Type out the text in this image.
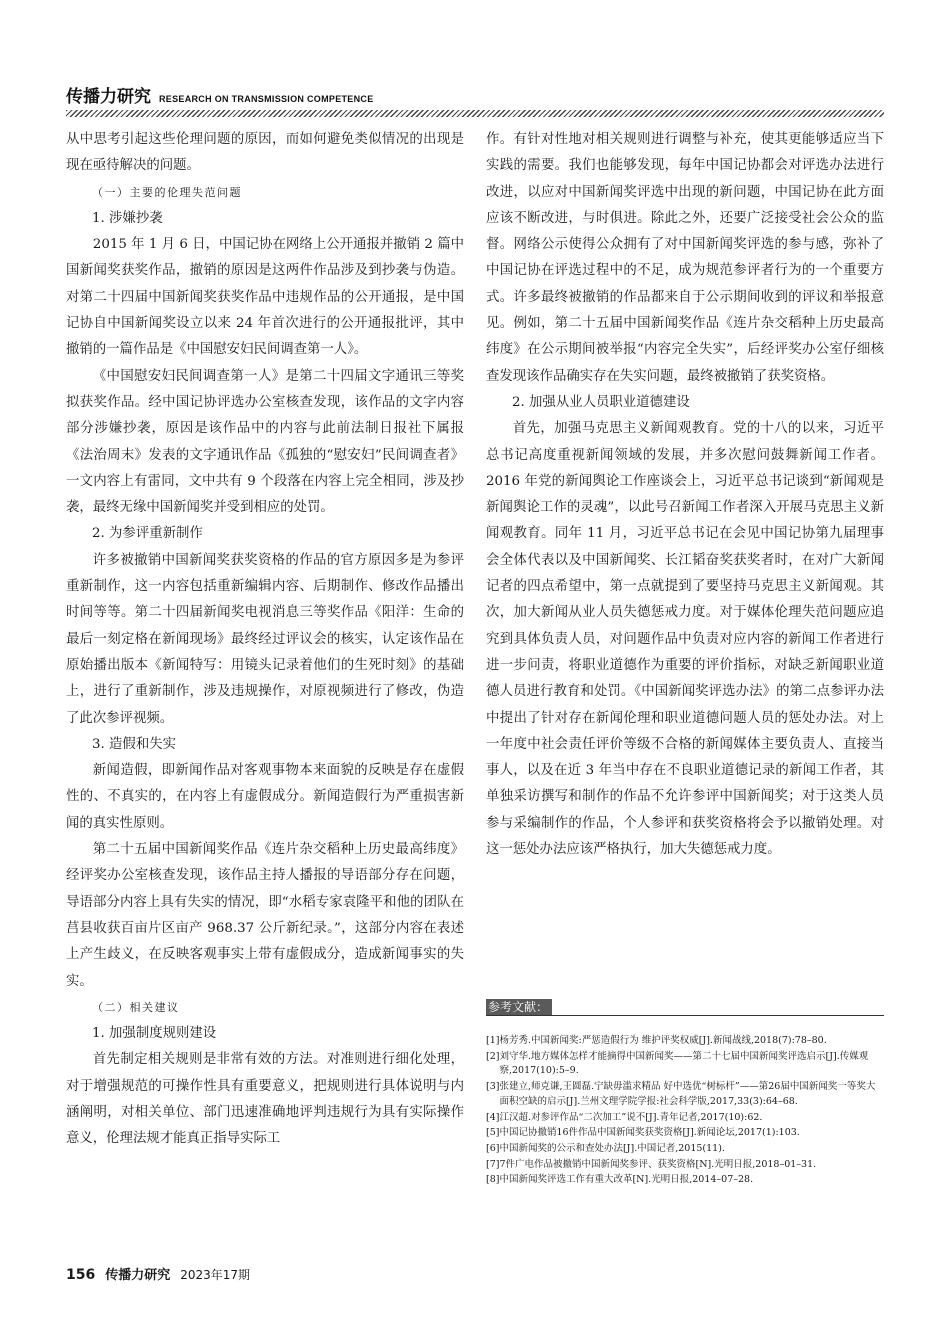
传播力研究 RESEARCH ON TRANSMISSION COMPETENCE

从中思考引起这些伦理问题的原因，而如何避免类似情况的出现是现在亟待解决的问题。

（一）主要的伦理失范问题

1. 涉嫌抄袭

2015 年 1 月 6 日，中国记协在网络上公开通报并撤销 2 篇中国新闻奖获奖作品，撤销的原因是这两件作品涉及到抄袭与伪造。对第二十四届中国新闻奖获奖作品中违规作品的公开通报，是中国记协自中国新闻奖设立以来 24 年首次进行的公开通报批评，其中撤销的一篇作品是《中国慰安妇民间调查第一人》。

《中国慰安妇民间调查第一人》是第二十四届文字通讯三等奖拟获奖作品。经中国记协评选办公室核查发现，该作品的文字内容部分涉嫌抄袭，原因是该作品中的内容与此前法制日报社下属报《法治周末》发表的文字通讯作品《孤独的“慰安妇”民间调查者》一文内容上有雷同，文中共有 9 个段落在内容上完全相同，涉及抄袭，最终无缘中国新闻奖并受到相应的处罚。

2. 为参评重新制作

许多被撤销中国新闻奖获奖资格的作品的官方原因多是为参评重新制作，这一内容包括重新编辑内容、后期制作、修改作品播出时间等等。第二十四届新闻奖电视消息三等奖作品《阳洋：生命的最后一刻定格在新闻现场》最终经过评议会的核实，认定该作品在原始播出版本《新闻特写：用镜头记录着他们的生死时刻》的基础上，进行了重新制作，涉及违规操作，对原视频进行了修改，伪造了此次参评视频。

3. 造假和失实

新闻造假，即新闻作品对客观事物本来面貌的反映是存在虚假性的、不真实的，在内容上有虚假成分。新闻造假行为严重损害新闻的真实性原则。

第二十五届中国新闻奖作品《连片杂交稻种上历史最高纬度》经评奖办公室核查发现，该作品主持人播报的导语部分存在问题，导语部分内容上具有失实的情况，即“水稻专家袁隆平和他的团队在莒县收获百亩片区亩产 968.37 公斤新纪录。”，这部分内容在表述上产生歧义，在反映客观事实上带有虚假成分，造成新闻事实的失实。

（二）相关建议

1. 加强制度规则建设

首先制定相关规则是非常有效的方法。对准则进行细化处理，对于增强规范的可操作性具有重要意义，把规则进行具体说明与内涵阐明，对相关单位、部门迅速准确地评判违规行为具有实际操作意义，伦理法规才能真正指导实际工

作。有针对性地对相关规则进行调整与补充，使其更能够适应当下实践的需要。我们也能够发现，每年中国记协都会对评选办法进行改进，以应对中国新闻奖评选中出现的新问题，中国记协在此方面应该不断改进，与时俱进。除此之外，还要广泛接受社会公众的监督。网络公示使得公众拥有了对中国新闻奖评选的参与感，弥补了中国记协在评选过程中的不足，成为规范参评者行为的一个重要方式。许多最终被撤销的作品都来自于公示期间收到的评议和举报意见。例如，第二十五届中国新闻奖作品《连片杂交稻种上历史最高纬度》在公示期间被举报“内容完全失实”，后经评奖办公室仔细核查发现该作品确实存在失实问题，最终被撤销了获奖资格。

2. 加强从业人员职业道德建设

首先，加强马克思主义新闻观教育。党的十八的以来，习近平总书记高度重视新闻领域的发展，并多次慰问鼓舞新闻工作者。2016 年党的新闻舆论工作座谈会上，习近平总书记谈到“新闻观是新闻舆论工作的灵魂”，以此号召新闻工作者深入开展马克思主义新闻观教育。同年 11 月，习近平总书记在会见中国记协第九届理事会全体代表以及中国新闻奖、长江韬奋奖获奖者时，在对广大新闻记者的四点希望中，第一点就提到了要坚持马克思主义新闻观。其次，加大新闻从业人员失德惩戒力度。对于媒体伦理失范问题应追究到具体负责人员，对问题作品中负责对应内容的新闻工作者进行进一步问责，将职业道德作为重要的评价指标，对缺乏新闻职业道德人员进行教育和处罚。《中国新闻奖评选办法》的第二点参评办法中提出了针对存在新闻伦理和职业道德问题人员的惩处办法。对上一年度中社会责任评价等级不合格的新闻媒体主要负责人、直接当事人，以及在近 3 年当中存在不良职业道德记录的新闻工作者，其单独采访撰写和制作的作品不允许参评中国新闻奖；对于这类人员参与采编制作的作品，个人参评和获奖资格将会予以撤销处理。对这一惩处办法应该严格执行，加大失德惩戒力度。

参考文献：
[1] 杨芳秀.中国新闻奖:严惩造假行为 维护评奖权威[J].新闻战线,2018(7):78–80.
[2] 刘守华.地方媒体怎样才能摘得中国新闻奖——第二十七届中国新闻奖评选启示[J].传媒观察,2017(10):5–9.
[3] 张建立,师克谦,王圆磊.宁缺毋滥求精品 好中选优“树标杆”——第26届中国新闻奖一等奖大面积空缺的启示[J].兰州文理学院学报:社会科学版,2017,33(3):64–68.
[4] 江汉超.对参评作品“二次加工”说不[J].青年记者,2017(10):62.
[5] 中国记协撤销16件作品中国新闻奖获奖资格[J].新闻论坛,2017(1):103.
[6] 中国新闻奖的公示和查处办法[J].中国记者,2015(11).
[7] 7件广电作品被撤销中国新闻奖参评、获奖资格[N].光明日报,2018–01–31.
[8] 中国新闻奖评选工作有重大改革[N].光明日报,2014–07–28.
156 传播力研究 2023年17期
